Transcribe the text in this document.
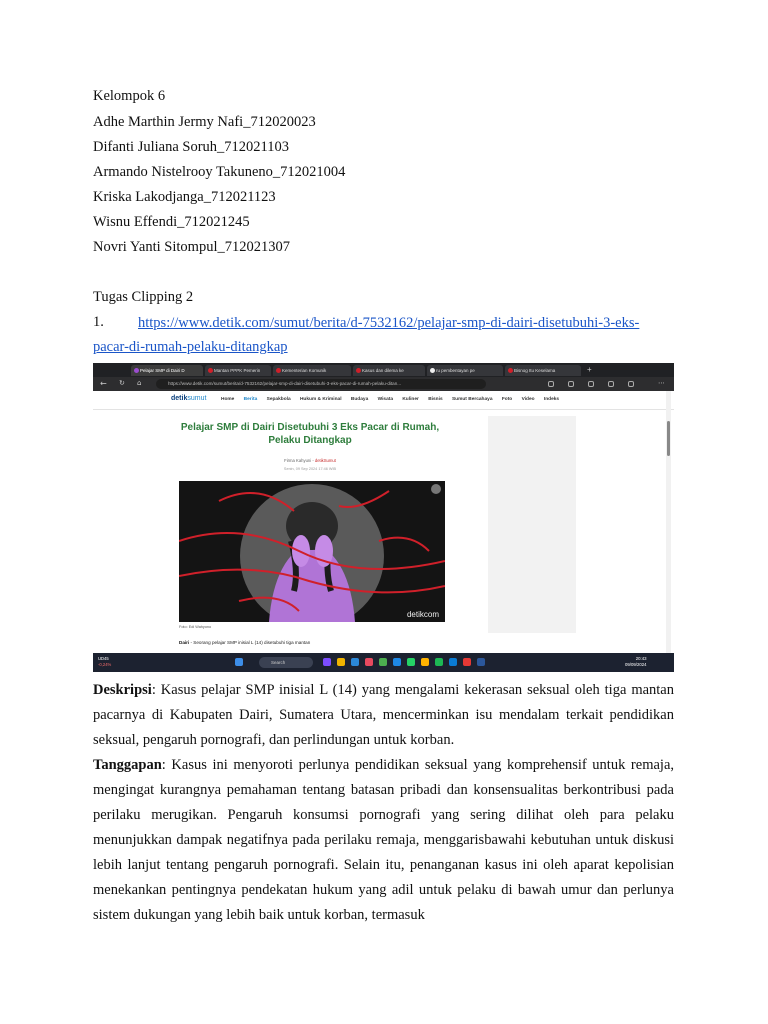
Kelompok 6
Adhe Marthin Jermy Nafi_712020023
Difanti Juliana Soruh_712021103
Armando Nistelrooy Takuneno_712021004
Kriska Lakodjanga_712021123
Wisnu Effendi_712021245
Novri Yanti Sitompul_712021307
Tugas Clipping 2
1. https://www.detik.com/sumut/berita/d-7532162/pelajar-smp-di-dairi-disetubuhi-3-eks-
pacar-di-rumah-pelaku-ditangkap
Pelajar SMP di Dairi D	Mantan PPPK Pemerin	Kementerian Komunik	Kasus dan dilema ke	ru pembentayan pe	Bisnog Itu Keselama	+
← ↻ ⌂	https://www.detik.com/sumut/berita/d-7532162/pelajar-smp-di-dairi-disetubuhi-3-eks-pacar-di-rumah-pelaku-ditan...	⋯
detiksumut	Home Berita Sepakbola Hukum & Kriminal Budaya Wisata Kuliner Bisnis Sumut Bercahaya Foto Video Indeks
Pelajar SMP di Dairi Disetubuhi 3 Eks Pacar di Rumah, Pelaku Ditangkap
Firma Kahyuni - detikSumut
Senin, 09 Sep 2024 17:46 WIB
detikcom
Foto: Edi Wahyono
Dairi - Seorang pelajar SMP inisial L (14) disetubuhi tiga mantan
UD45
-0,24%	Search
20:43
09/09/2024

Deskripsi: Kasus pelajar SMP inisial L (14) yang mengalami kekerasan seksual oleh tiga mantan pacarnya di Kabupaten Dairi, Sumatera Utara, mencerminkan isu mendalam terkait pendidikan seksual, pengaruh pornografi, dan perlindungan untuk korban.

Tanggapan: Kasus ini menyoroti perlunya pendidikan seksual yang komprehensif untuk remaja, mengingat kurangnya pemahaman tentang batasan pribadi dan konsensualitas berkontribusi pada perilaku merugikan. Pengaruh konsumsi pornografi yang sering dilihat oleh para pelaku menunjukkan dampak negatifnya pada perilaku remaja, menggarisbawahi kebutuhan untuk diskusi lebih lanjut tentang pengaruh pornografi. Selain itu, penanganan kasus ini oleh aparat kepolisian menekankan pentingnya pendekatan hukum yang adil untuk pelaku di bawah umur dan perlunya sistem dukungan yang lebih baik untuk korban, termasuk
